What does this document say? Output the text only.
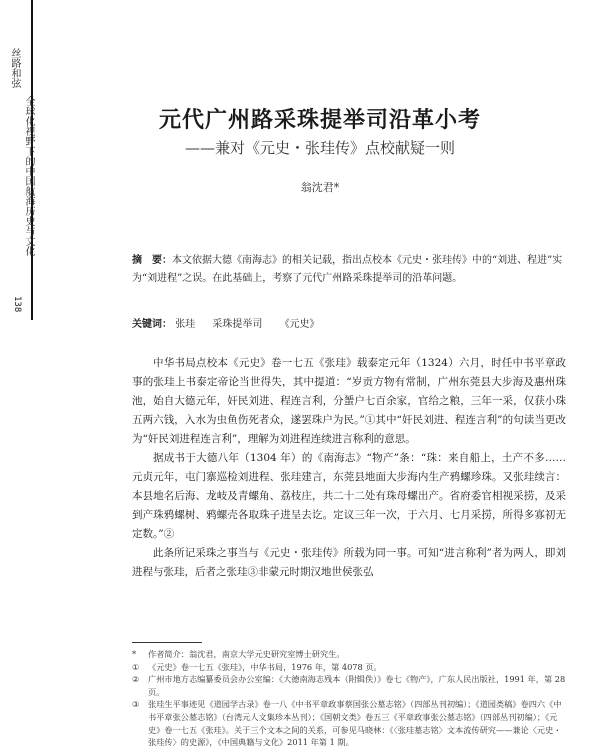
丝路和弦
全球化视野下的中国航海历史与文化
138
元代广州路采珠提举司沿革小考
——兼对《元史・张珪传》点校献疑一则
翁沈君*
摘　要：本文依据大德《南海志》的相关记载，指出点校本《元史・张珪传》中的“刘进、程进”实为“刘进程”之误。在此基础上，考察了元代广州路采珠提举司的沿革问题。
关键词： 张珪 采珠提举司 《元史》

中华书局点校本《元史》卷一七五《张珪》载泰定元年（1324）六月，时任中书平章政事的张珪上书泰定帝论当世得失，其中提道：“岁贡方物有常制，广州东莞县大步海及惠州珠池，始自大德元年，奸民刘进、程连言利，分蜑户七百余家，官给之粮，三年一采，仅获小珠五两六钱，入水为虫鱼伤死者众，遂罢珠户为民。”①其中“奸民刘进、程连言利”的句读当更改为“奸民刘进程连言利”，理解为刘进程连续进言称利的意思。

据成书于大德八年（1304 年）的《南海志》“物产”条：“珠：来自船上，土产不多……元贞元年，屯门寨巡检刘进程、张珪建言，东莞县地面大步海内生产鸦螺珍珠。又张珪续言：本县地名后海、龙岐及青螺角、荔枝庄，共二十二处有珠母螺出产。省府委官相视采捞，及采到产珠鸦螺树、鸦螺壳各取珠子进呈去讫。定议三年一次，于六月、七月采捞，所得多寡初无定数。”②

此条所记采珠之事当与《元史・张珪传》所载为同一事。可知“进言称利”者为两人，即刘进程与张珪，后者之张珪③非蒙元时期汉地世侯张弘

*	作者简介：翁沈君，南京大学元史研究室博士研究生。
①	《元史》卷一七五《张珪》，中华书局，1976 年，第 4078 页。
②	广州市地方志编纂委员会办公室编：《大德南海志残本（附辑佚）》卷七《物产》，广东人民出版社，1991 年，第 28 页。
③	张珪生平事迹见《道园学古录》卷一八《中书平章政事蔡国张公墓志铭》（四部丛刊初编）；《道园类稿》卷四六《中书平章张公墓志铭》（台湾元人文集珍本丛刊）；《国朝文类》卷五三《平章政事张公墓志铭》（四部丛刊初编）；《元史》卷一七五《张珪》。关于三个文本之间的关系，可参见马晓林：《〈张珪墓志铭〉文本流传研究——兼论〈元史・张珪传〉的史源》，《中国典籍与文化》2011 年第 1 期。
